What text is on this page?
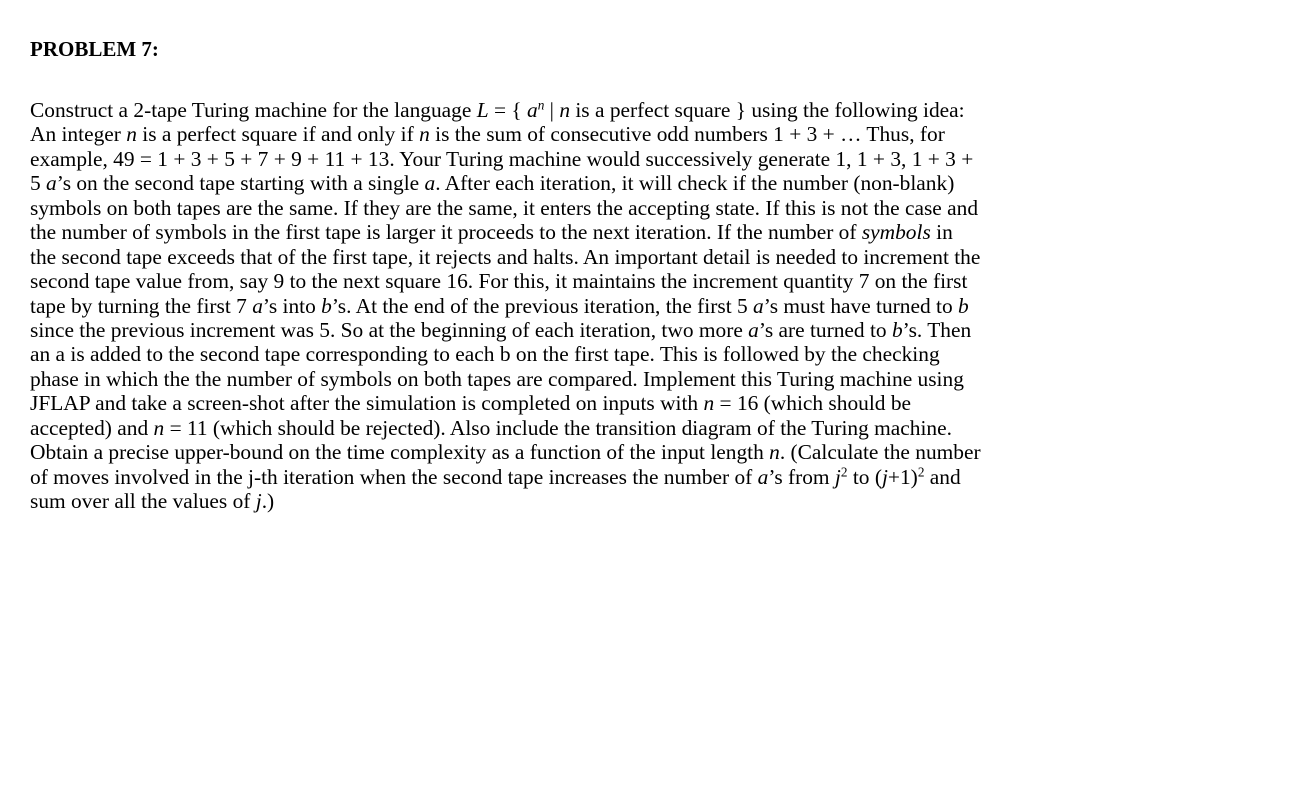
PROBLEM 7:
Construct a 2-tape Turing machine for the language L = { $a^n$ | n is a perfect square } using the following idea:
An integer n is a perfect square if and only if n is the sum of consecutive odd numbers 1 + 3 + … Thus, for
example, 49 = 1 + 3 + 5 + 7 + 9 + 11 + 13. Your Turing machine would successively generate 1, 1 + 3, 1 + 3 +
5 a’s on the second tape starting with a single a. After each iteration, it will check if the number (non-blank)
symbols on both tapes are the same. If they are the same, it enters the accepting state. If this is not the case and
the number of symbols in the first tape is larger it proceeds to the next iteration. If the number of symbols in
the second tape exceeds that of the first tape, it rejects and halts. An important detail is needed to increment the
second tape value from, say 9 to the next square 16. For this, it maintains the increment quantity 7 on the first
tape by turning the first 7 a’s into b’s. At the end of the previous iteration, the first 5 a’s must have turned to b
since the previous increment was 5. So at the beginning of each iteration, two more a’s are turned to b’s. Then
an a is added to the second tape corresponding to each b on the first tape. This is followed by the checking
phase in which the the number of symbols on both tapes are compared. Implement this Turing machine using
JFLAP and take a screen-shot after the simulation is completed on inputs with n = 16 (which should be
accepted) and n = 11 (which should be rejected). Also include the transition diagram of the Turing machine.
Obtain a precise upper-bound on the time complexity as a function of the input length n. (Calculate the number
of moves involved in the j-th iteration when the second tape increases the number of a’s from $j^2$ to $(j+1)^2$ and
sum over all the values of j.)
